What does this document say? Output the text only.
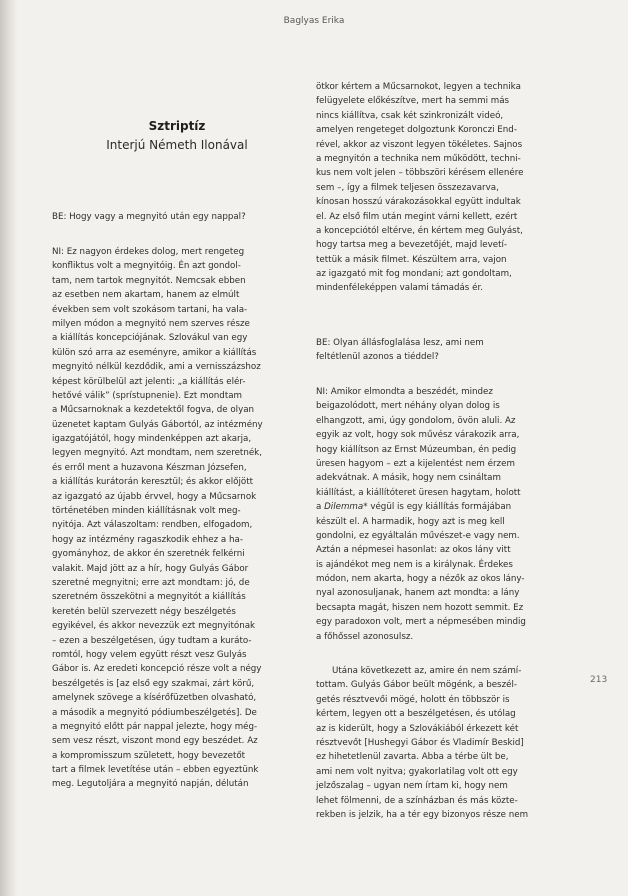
Baglyas Erika
Sztriptíz
Interjú Németh Ilonával
BE: Hogy vagy a megnyitó után egy nappal?
NI: Ez nagyon érdekes dolog, mert rengeteg
konfliktus volt a megnyitóig. Én azt gondol-
tam, nem tartok megnyitót. Nemcsak ebben
az esetben nem akartam, hanem az elmúlt
években sem volt szokásom tartani, ha vala-
milyen módon a megnyitó nem szerves része
a kiállítás koncepciójának. Szlovákul van egy
külön szó arra az eseményre, amikor a kiállítás
megnyitó nélkül kezdődik, ami a vernisszázshoz
képest körülbelül azt jelenti: „a kiállítás elér-
hetővé válik” (sprístupnenie). Ezt mondtam
a Műcsarnoknak a kezdetektől fogva, de olyan
üzenetet kaptam Gulyás Gábortól, az intézmény
igazgatójától, hogy mindenképpen azt akarja,
legyen megnyitó. Azt mondtam, nem szeretnék,
és erről ment a huzavona Készman Józsefen,
a kiállítás kurátorán keresztül; és akkor előjött
az igazgató az újabb érvvel, hogy a Műcsarnok
történetében minden kiállításnak volt meg-
nyitója. Azt válaszoltam: rendben, elfogadom,
hogy az intézmény ragaszkodik ehhez a ha-
gyományhoz, de akkor én szeretnék felkérni
valakit. Majd jött az a hír, hogy Gulyás Gábor
szeretné megnyitni; erre azt mondtam: jó, de
szeretném összekötni a megnyitót a kiállítás
keretén belül szervezett négy beszélgetés
egyikével, és akkor nevezzük ezt megnyitónak
– ezen a beszélgetésen, úgy tudtam a kuráto-
romtól, hogy velem együtt részt vesz Gulyás
Gábor is. Az eredeti koncepció része volt a négy
beszélgetés is [az első egy szakmai, zárt körű,
amelynek szövege a kísérőfüzetben olvasható,
a második a megnyitó pódiumbeszélgetés]. De
a megnyitó előtt pár nappal jelezte, hogy még-
sem vesz részt, viszont mond egy beszédet. Az
a kompromisszum született, hogy bevezetőt
tart a filmek levetítése után – ebben egyeztünk
meg. Legutoljára a megnyitó napján, délután
ötkor kértem a Műcsarnokot, legyen a technika
felügyelete előkészítve, mert ha semmi más
nincs kiállítva, csak két szinkronizált videó,
amelyen rengeteget dolgoztunk Koronczi End-
rével, akkor az viszont legyen tökéletes. Sajnos
a megnyitón a technika nem működött, techni-
kus nem volt jelen – többszöri kérésem ellenére
sem –, így a filmek teljesen összezavarva,
kínosan hosszú várakozásokkal együtt indultak
el. Az első film után megint várni kellett, ezért
a koncepciótól eltérve, én kértem meg Gulyást,
hogy tartsa meg a bevezetőjét, majd levetí-
tettük a másik filmet. Készültem arra, vajon
az igazgató mit fog mondani; azt gondoltam,
mindenféleképpen valami támadás ér.
BE: Olyan állásfoglalása lesz, ami nem
feltétlenül azonos a tiéddel?
NI: Amikor elmondta a beszédét, mindez
beigazolódott, mert néhány olyan dolog is
elhangzott, ami, úgy gondolom, övön aluli. Az
egyik az volt, hogy sok művész várakozik arra,
hogy kiállítson az Ernst Múzeumban, én pedig
üresen hagyom – ezt a kijelentést nem érzem
adekvátnak. A másik, hogy nem csináltam
kiállítást, a kiállítóteret üresen hagytam, holott
a Dilemma* végül is egy kiállítás formájában
készült el. A harmadik, hogy azt is meg kell
gondolni, ez egyáltalán művészet-e vagy nem.
Aztán a népmesei hasonlat: az okos lány vitt
is ajándékot meg nem is a királynak. Érdekes
módon, nem akarta, hogy a nézők az okos lány-
nyal azonosuljanak, hanem azt mondta: a lány
becsapta magát, hiszen nem hozott semmit. Ez
egy paradoxon volt, mert a népmesében mindig
a főhőssel azonosulsz.
Utána következett az, amire én nem számí-
tottam. Gulyás Gábor beült mögénk, a beszél-
getés résztvevői mögé, holott én többször is
kértem, legyen ott a beszélgetésen, és utólag
az is kiderült, hogy a Szlovákiából érkezett két
résztvevőt [Hushegyi Gábor és Vladimír Beskid]
ez hihetetlenül zavarta. Abba a térbe ült be,
ami nem volt nyitva; gyakorlatilag volt ott egy
jelzőszalag – ugyan nem írtam ki, hogy nem
lehet fölmenni, de a színházban és más közte-
rekben is jelzik, ha a tér egy bizonyos része nem
213
